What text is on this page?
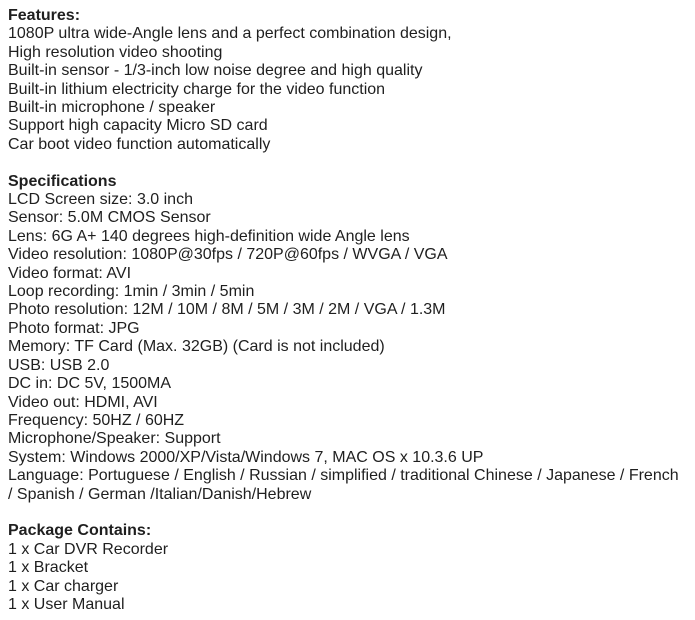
Features:

1080P ultra wide-Angle lens and a perfect combination design,

High resolution video shooting

Built-in sensor - 1/3-inch low noise degree and high quality

Built-in lithium electricity charge for the video function

Built-in microphone / speaker

Support high capacity Micro SD card

Car boot video function automatically

Specifications

LCD Screen size: 3.0 inch

Sensor: 5.0M CMOS Sensor

Lens: 6G A+ 140 degrees high-definition wide Angle lens

Video resolution: 1080P@30fps / 720P@60fps / WVGA / VGA

Video format: AVI

Loop recording: 1min / 3min / 5min

Photo resolution: 12M / 10M / 8M / 5M / 3M / 2M / VGA / 1.3M

Photo format: JPG

Memory: TF Card (Max. 32GB) (Card is not included)

USB: USB 2.0

DC in: DC 5V, 1500MA

Video out: HDMI, AVI

Frequency: 50HZ / 60HZ

Microphone/Speaker: Support

System: Windows 2000/XP/Vista/Windows 7, MAC OS x 10.3.6 UP

Language: Portuguese / English / Russian / simplified / traditional Chinese / Japanese / French / Spanish / German /Italian/Danish/Hebrew

Package Contains:

1 x Car DVR Recorder

1 x Bracket

1 x Car charger

1 x User Manual
